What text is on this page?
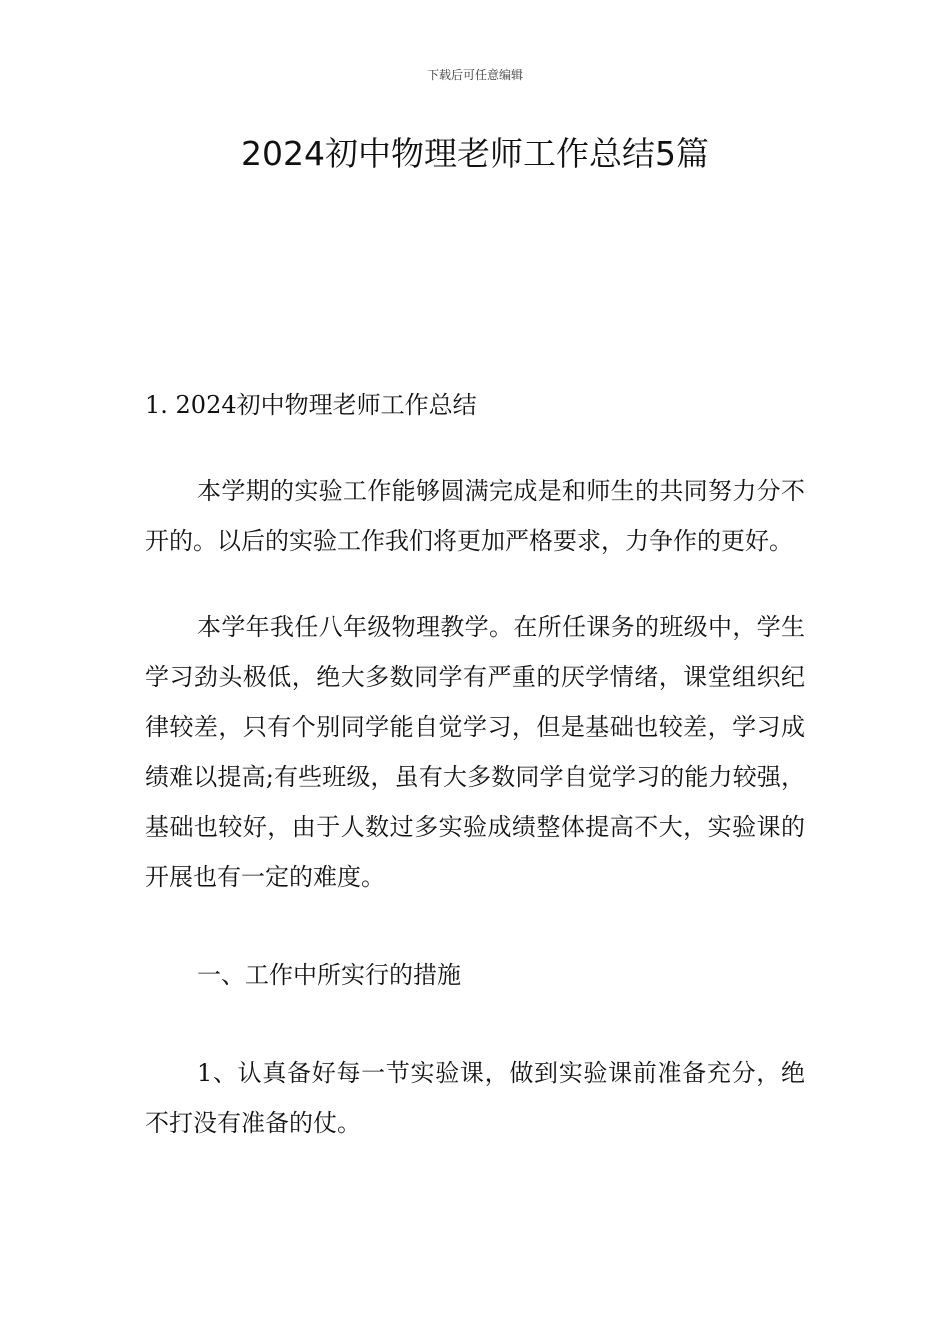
下载后可任意编辑
2024初中物理老师工作总结5篇

1. 2024初中物理老师工作总结

本学期的实验工作能够圆满完成是和师生的共同努力分不开的。以后的实验工作我们将更加严格要求，力争作的更好。

本学年我任八年级物理教学。在所任课务的班级中，学生学习劲头极低，绝大多数同学有严重的厌学情绪，课堂组织纪律较差，只有个别同学能自觉学习，但是基础也较差，学习成绩难以提高;有些班级，虽有大多数同学自觉学习的能力较强，基础也较好，由于人数过多实验成绩整体提高不大，实验课的开展也有一定的难度。

一、工作中所实行的措施

1、认真备好每一节实验课，做到实验课前准备充分，绝不打没有准备的仗。
